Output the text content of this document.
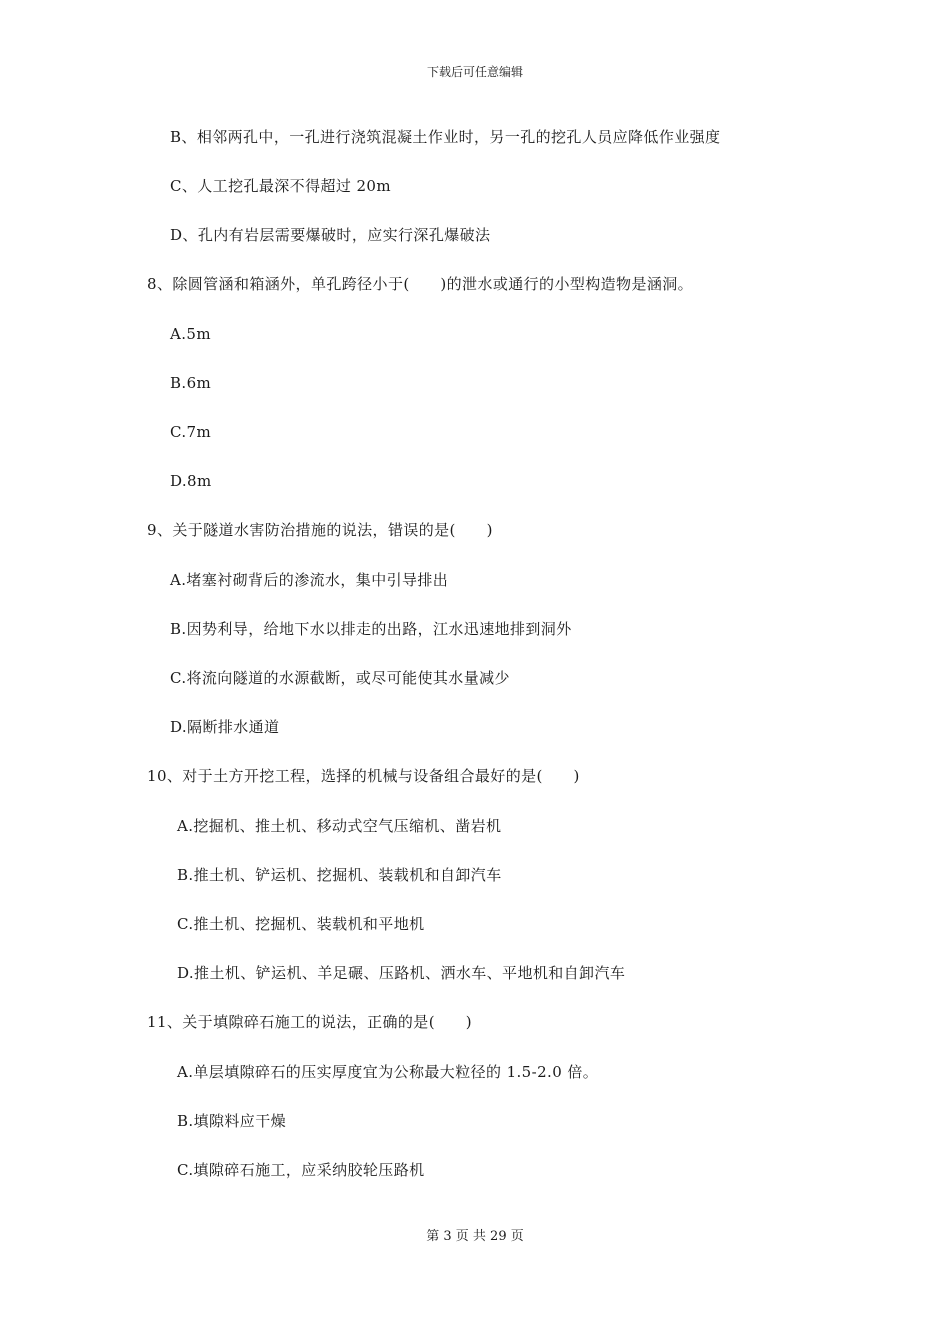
下载后可任意编辑
B、相邻两孔中，一孔进行浇筑混凝土作业时，另一孔的挖孔人员应降低作业强度
C、人工挖孔最深不得超过 20m
D、孔内有岩层需要爆破时，应实行深孔爆破法
8、除圆管涵和箱涵外，单孔跨径小于(　　)的泄水或通行的小型构造物是涵洞。
A.5m
B.6m
C.7m
D.8m
9、关于隧道水害防治措施的说法，错误的是(　　)
A.堵塞衬砌背后的渗流水，集中引导排出
B.因势利导，给地下水以排走的出路，江水迅速地排到洞外
C.将流向隧道的水源截断，或尽可能使其水量减少
D.隔断排水通道
10、对于土方开挖工程，选择的机械与设备组合最好的是(　　)
A.挖掘机、推土机、移动式空气压缩机、凿岩机
B.推土机、铲运机、挖掘机、装载机和自卸汽车
C.推土机、挖掘机、装载机和平地机
D.推土机、铲运机、羊足碾、压路机、洒水车、平地机和自卸汽车
11、关于填隙碎石施工的说法，正确的是(　　)
A.单层填隙碎石的压实厚度宜为公称最大粒径的 1.5-2.0 倍。
B.填隙料应干燥
C.填隙碎石施工，应采纳胶轮压路机
第 3 页 共 29 页
